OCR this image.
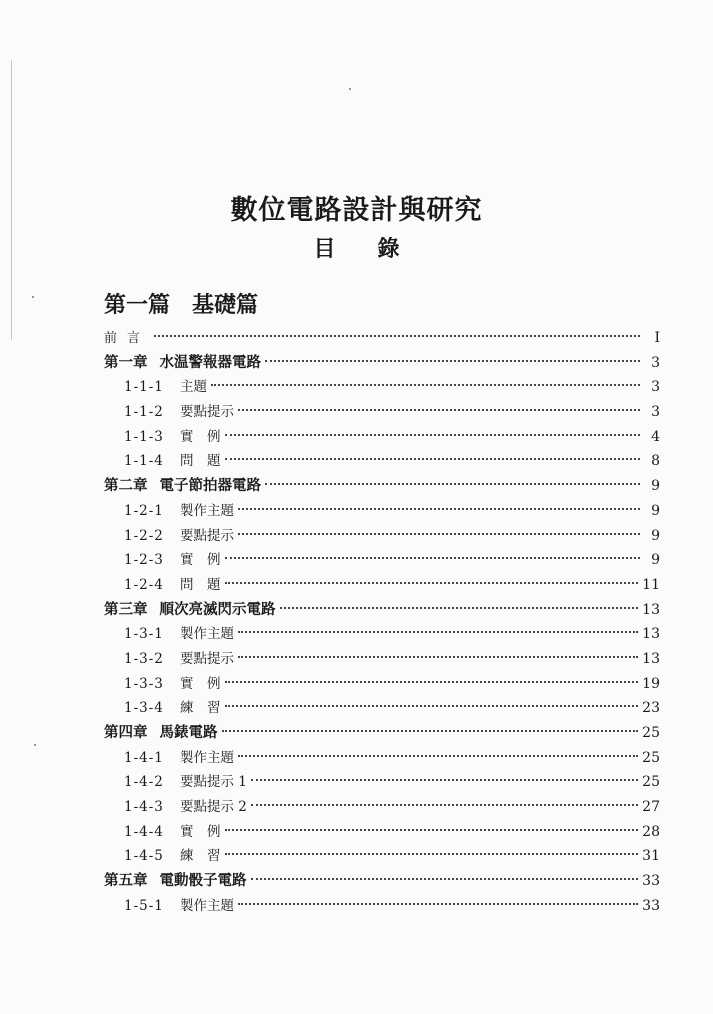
數位電路設計與研究
目錄
第一篇　基礎篇
前言	I
第一章 水温警報器電路	3
1-1-1 主題	3
1-1-2 要點提示	3
1-1-3 實　例	4
1-1-4 問　題	8
第二章 電子節拍器電路	9
1-2-1 製作主題	9
1-2-2 要點提示	9
1-2-3 實　例	9
1-2-4 問　題	11
第三章 順次亮滅閃示電路	13
1-3-1 製作主題	13
1-3-2 要點提示	13
1-3-3 實　例	19
1-3-4 練　習	23
第四章 馬錶電路	25
1-4-1 製作主題	25
1-4-2 要點提示 1	25
1-4-3 要點提示 2	27
1-4-4 實　例	28
1-4-5 練　習	31
第五章 電動骰子電路	33
1-5-1 製作主題	33
